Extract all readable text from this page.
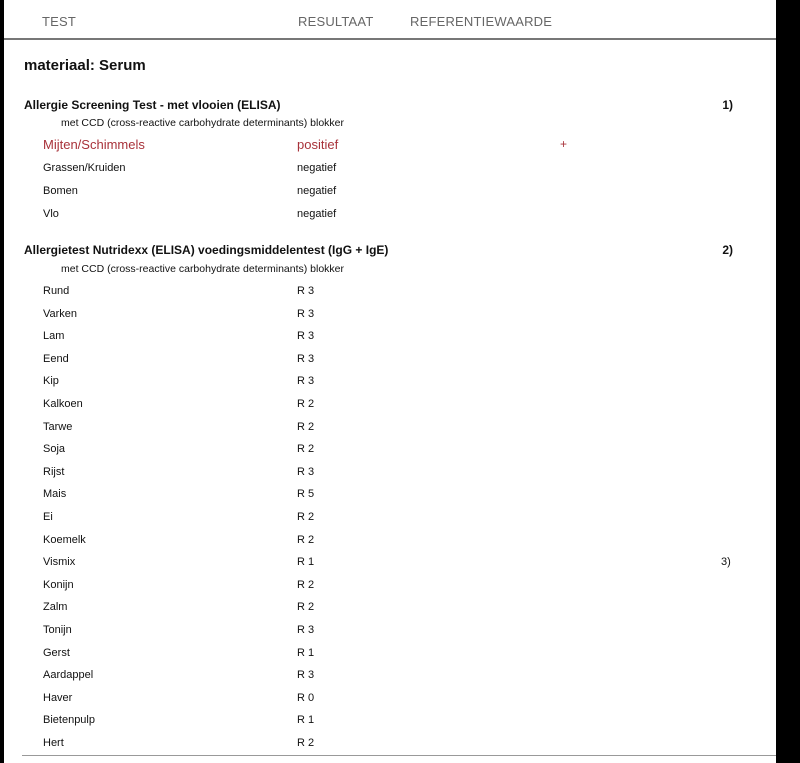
TEST	RESULTAAT	REFERENTIEWAARDE
materiaal: Serum
Allergie Screening Test - met vlooien (ELISA)	1)
met CCD (cross-reactive carbohydrate determinants) blokker
Mijten/Schimmels	positief	+
Grassen/Kruiden	negatief
Bomen	negatief
Vlo	negatief
Allergietest Nutridexx (ELISA) voedingsmiddelentest (IgG + IgE)	2)
met CCD (cross-reactive carbohydrate determinants) blokker
Rund	R 3
Varken	R 3
Lam	R 3
Eend	R 3
Kip	R 3
Kalkoen	R 2
Tarwe	R 2
Soja	R 2
Rijst	R 3
Mais	R 5
Ei	R 2
Koemelk	R 2
Vismix	R 1	3)
Konijn	R 2
Zalm	R 2
Tonijn	R 3
Gerst	R 1
Aardappel	R 3
Haver	R 0
Bietenpulp	R 1
Hert	R 2
